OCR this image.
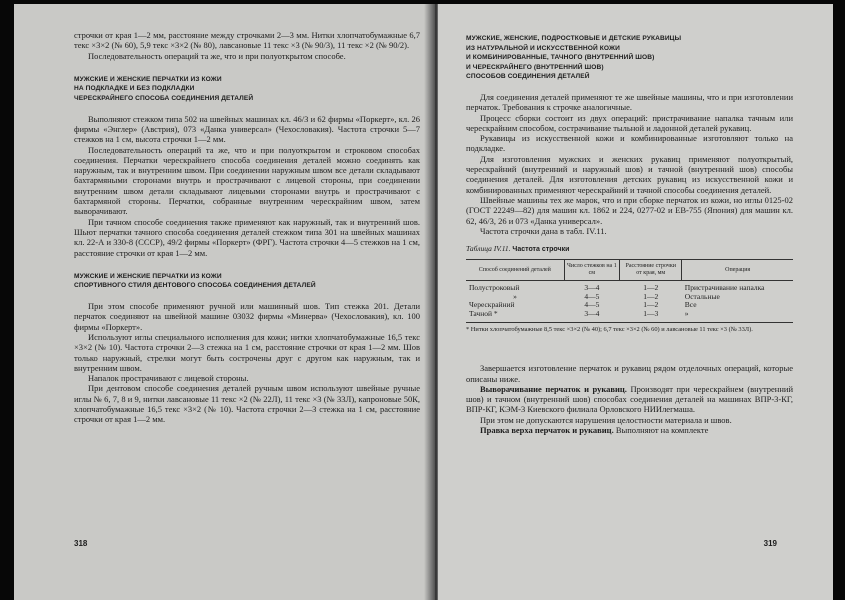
строчки от края 1—2 мм, расстояние между строчками 2—3 мм. Нитки хлопчатобумажные 6,7 текс ×3×2 (№ 60), 5,9 текс ×3×2 (№ 80), лавсановые 11 текс ×3 (№ 90/3), 11 текс ×2 (№ 90/2).

Последовательность операций та же, что и при полуоткрытом способе.

МУЖСКИЕ И ЖЕНСКИЕ ПЕРЧАТКИ ИЗ КОЖИ
НА ПОДКЛАДКЕ И БЕЗ ПОДКЛАДКИ
ЧЕРЕСКРАЙНЕГО СПОСОБА СОЕДИНЕНИЯ ДЕТАЛЕЙ

Выполняют стежком типа 502 на швейных машинах кл. 46/3 и 62 фирмы «Поркерт», кл. 26 фирмы «Энглер» (Австрия), 073 «Данка универсал» (Чехословакия). Частота строчки 5—7 стежков на 1 см, высота строчки 1—2 мм.

Последовательность операций та же, что и при полуоткрытом и строковом способах соединения. Перчатки черескрайнего способа соединения деталей можно соединять как наружным, так и внутренним швом. При соединении наружным швом все детали складывают бахтармяными сторонами внутрь и прострачивают с лицевой стороны, при соединении внутренним швом детали складывают лицевыми сторонами внутрь и прострачивают с бахтармяной стороны. Перчатки, собранные внутренним черескрайним швом, затем выворачивают.

При тачном способе соединения также применяют как наружный, так и внутренний шов. Шьют перчатки тачного способа соединения деталей стежком типа 301 на швейных машинах кл. 22-А и 330-8 (СССР), 49/2 фирмы «Поркерт» (ФРГ). Частота строчки 4—5 стежков на 1 см, расстояние строчки от края 1—2 мм.

МУЖСКИЕ И ЖЕНСКИЕ ПЕРЧАТКИ ИЗ КОЖИ
СПОРТИВНОГО СТИЛЯ ДЕНТОВОГО СПОСОБА СОЕДИНЕНИЯ ДЕТАЛЕЙ

При этом способе применяют ручной или машинный шов. Тип стежка 201. Детали перчаток соединяют на швейной машине 03032 фирмы «Минерва» (Чехословакия), кл. 100 фирмы «Поркерт».

Используют иглы специального исполнения для кожи; нитки хлопчатобумажные 16,5 текс ×3×2 (№ 10). Частота строчки 2—3 стежка на 1 см, расстояние строчки от края 1—2 мм. Шов только наружный, стрелки могут быть сострочены друг с другом как наружным, так и внутренним швом.

Напалок прострачивают с лицевой стороны.

При дентовом способе соединения деталей ручным швом используют швейные ручные иглы № 6, 7, 8 и 9, нитки лавсановые 11 текс ×2 (№ 22Л), 11 текс ×3 (№ 33Л), капроновые 50К, хлопчатобумажные 16,5 текс ×3×2 (№ 10). Частота строчки 2—3 стежка на 1 см, расстояние строчки от края 1—2 мм.

318
МУЖСКИЕ, ЖЕНСКИЕ, ПОДРОСТКОВЫЕ И ДЕТСКИЕ РУКАВИЦЫ
ИЗ НАТУРАЛЬНОЙ И ИСКУССТВЕННОЙ КОЖИ
И КОМБИНИРОВАННЫЕ, ТАЧНОГО (ВНУТРЕННИЙ ШОВ)
И ЧЕРЕСКРАЙНЕГО (ВНУТРЕННИЙ ШОВ)
СПОСОБОВ СОЕДИНЕНИЯ ДЕТАЛЕЙ

Для соединения деталей применяют те же швейные машины, что и при изготовлении перчаток. Требования к строчке аналогичные.

Процесс сборки состоит из двух операций: пристрачивание напалка тачным или черескрайним способом, сострачивание тыльной и ладонной деталей рукавиц.

Рукавицы из искусственной кожи и комбинированные изготовляют только на подкладке.

Для изготовления мужских и женских рукавиц применяют полуоткрытый, черескрайний (внутренний и наружный шов) и тачной (внутренний шов) способы соединения деталей. Для изготовления детских рукавиц из искусственной кожи и комбинированных применяют черескрайний и тачной способы соединения деталей.

Швейные машины тех же марок, что и при сборке перчаток из кожи, но иглы 0125-02 (ГОСТ 22249—82) для машин кл. 1862 и 224, 0277-02 и ЕВ-755 (Япония) для машин кл. 62, 46/3, 26 и 073 «Данка универсал».

Частота строчки дана в табл. IV.11.

Таблица IV.11. Частота строчки
Способ соединений деталей	Число стежков на 1 см	Расстояние строчки от края, мм	Операция
Полустроковый	3—4	1—2	Пристрачивание напалка
»	4—5	1—2	Остальные
Черескрайний	4—5	1—2	Все
Тачной *	3—4	1—3	»

* Нитки хлопчатобумажные 8,5 текс ×3×2 (№ 40); 6,7 текс ×3×2 (№ 60) и лавсановые 11 текс ×3 (№ 33Л).

Завершается изготовление перчаток и рукавиц рядом отделочных операций, которые описаны ниже.

Выворачивание перчаток и рукавиц. Производят при черескрайнем (внутренний шов) и тачном (внутренний шов) способах соединения деталей на машинах ВПР-3-КГ, ВПР-КГ, КЭМ-3 Киевского филиала Орловского НИИлегмаша.

При этом не допускаются нарушения целостности материала и швов.

Правка верха перчаток и рукавиц. Выполняют на комплекте

319
